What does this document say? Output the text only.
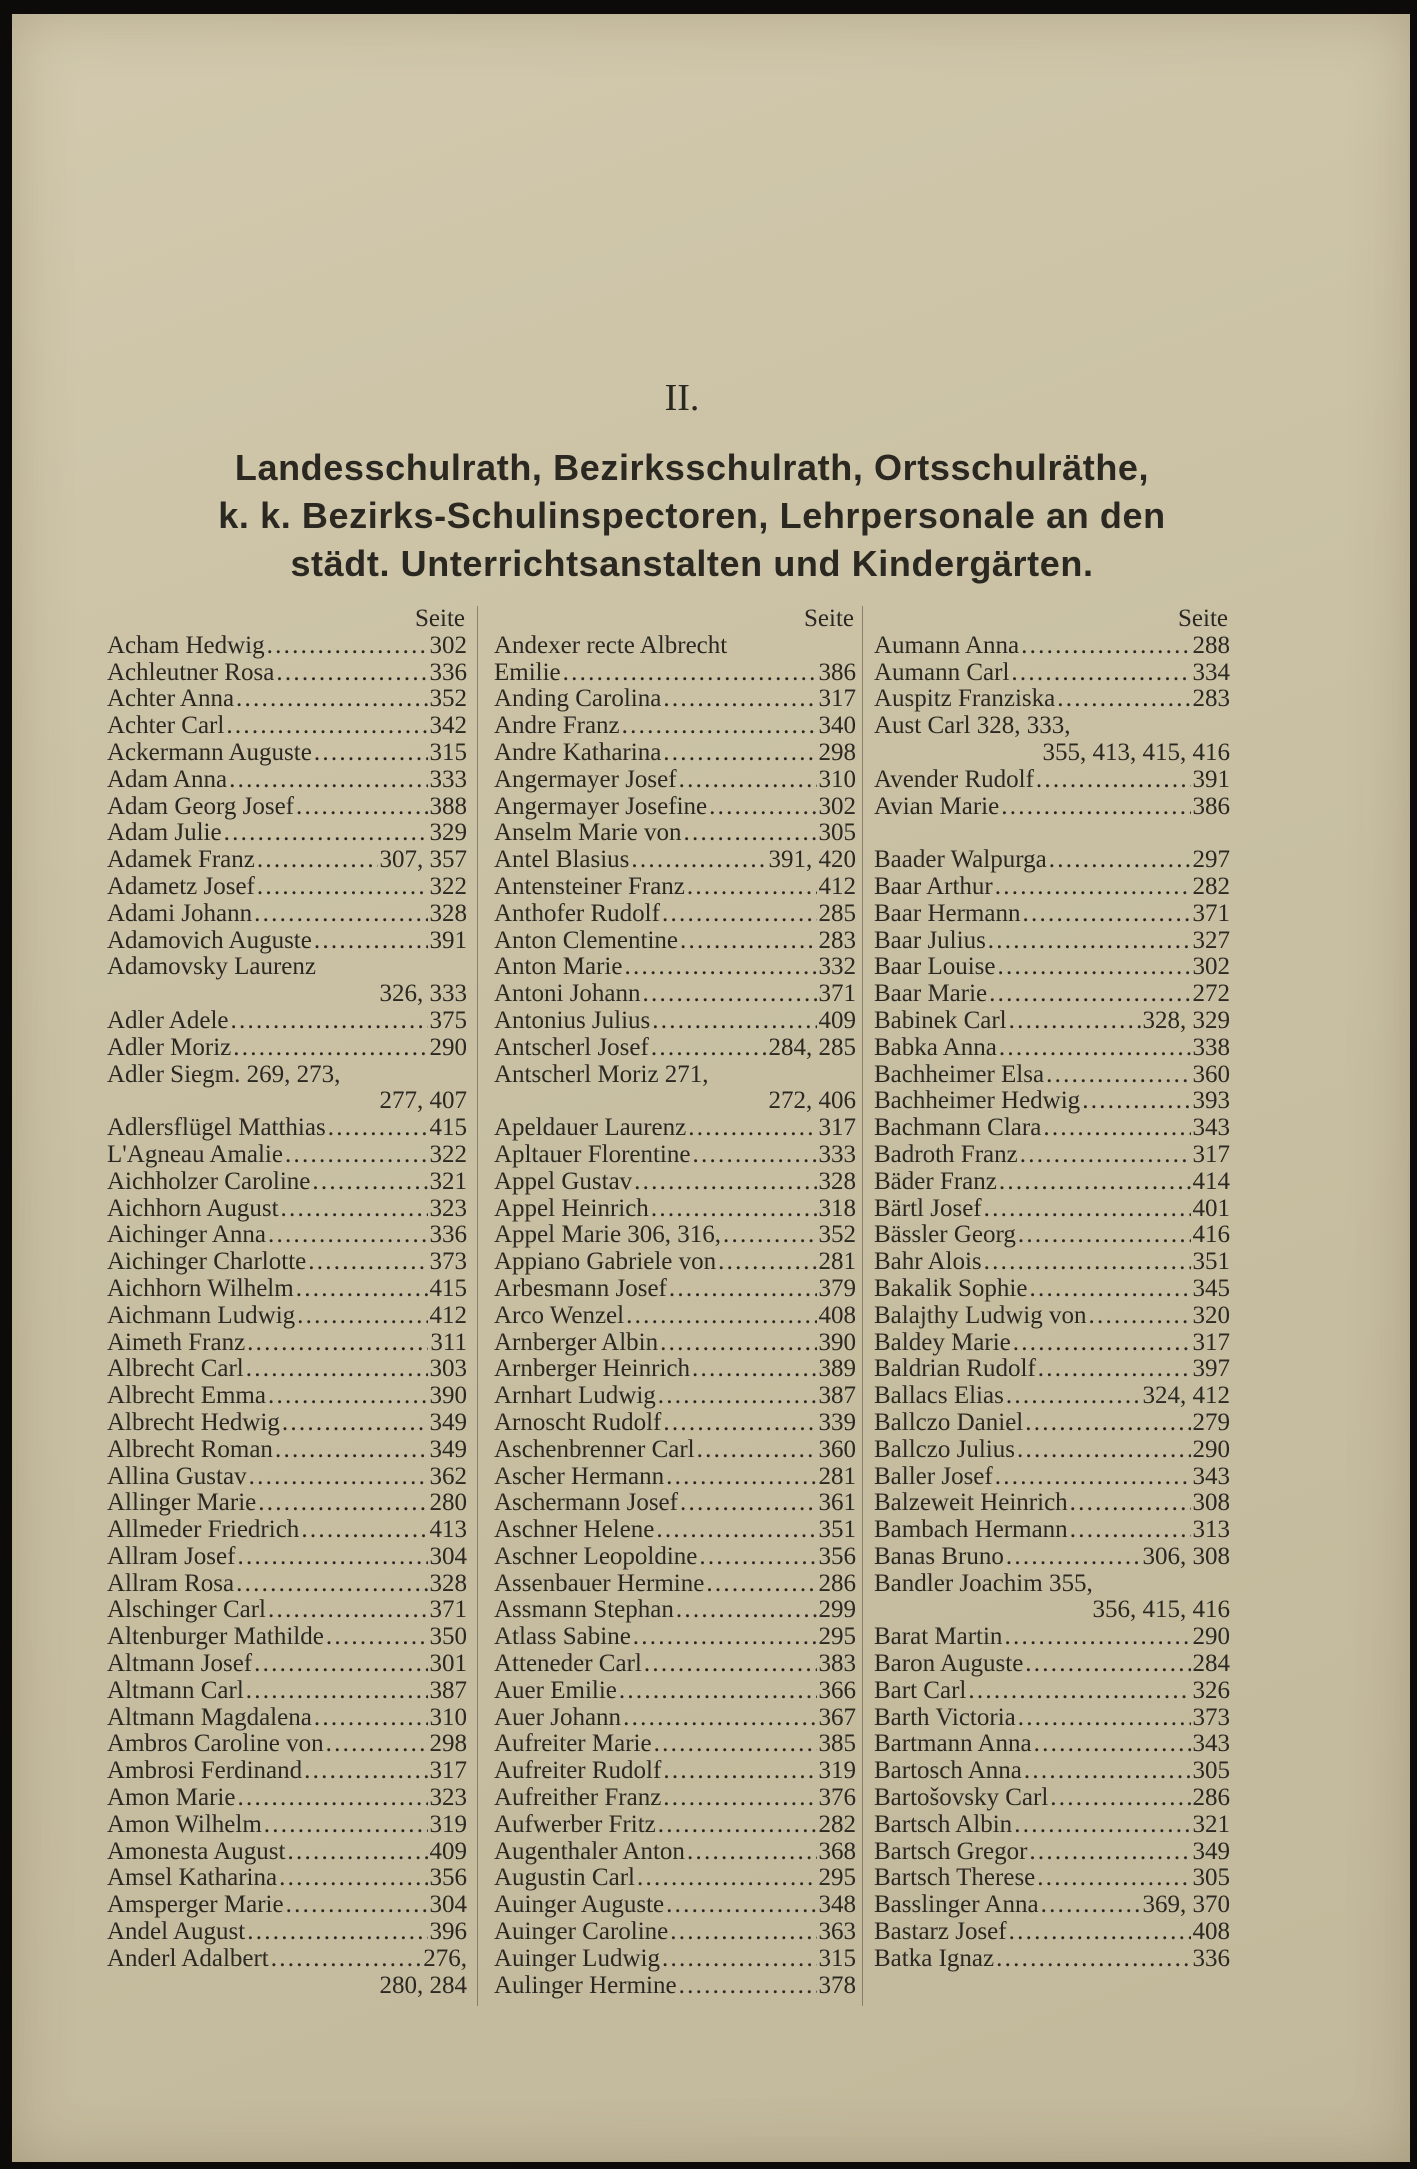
II.
Landesschulrath, Bezirksschulrath, Ortsschulräthe,
k. k. Bezirks-Schulinspectoren, Lehrpersonale an den
städt. Unterrichtsanstalten und Kindergärten.
Seite
Acham Hedwig . . .	302
Achleutner Rosa . . .	336
Achter Anna . . .	352
Achter Carl . . .	342
Ackermann Auguste . . .	315
Adam Anna . . .	333
Adam Georg Josef . . .	388
Adam Julie . . .	329
Adamek Franz . . .	307, 357
Adametz Josef . . .	322
Adami Johann . . .	328
Adamovich Auguste . . .	391
Adamovsky Laurenz
326, 333
Adler Adele . . .	375
Adler Moriz . . .	290
Adler Siegm. 269, 273,
277, 407
Adlersflügel Matthias . . .	415
L'Agneau Amalie . . .	322
Aichholzer Caroline . . .	321
Aichhorn August . . .	323
Aichinger Anna . . .	336
Aichinger Charlotte . . .	373
Aichhorn Wilhelm . . .	415
Aichmann Ludwig . . .	412
Aimeth Franz . . .	311
Albrecht Carl . . .	303
Albrecht Emma . . .	390
Albrecht Hedwig . . .	349
Albrecht Roman . . .	349
Allina Gustav . . .	362
Allinger Marie . . .	280
Allmeder Friedrich . . .	413
Allram Josef . . .	304
Allram Rosa . . .	328
Alschinger Carl . . .	371
Altenburger Mathilde . . .	350
Altmann Josef . . .	301
Altmann Carl . . .	387
Altmann Magdalena . . .	310
Ambros Caroline von . . .	298
Ambrosi Ferdinand . . .	317
Amon Marie . . .	323
Amon Wilhelm . . .	319
Amonesta August . . .	409
Amsel Katharina . . .	356
Amsperger Marie . . .	304
Andel August . . .	396
Anderl Adalbert . . .	276,
280, 284
Seite
Andexer recte Albrecht
Emilie . . .	386
Anding Carolina . . .	317
Andre Franz . . .	340
Andre Katharina . . .	298
Angermayer Josef . . .	310
Angermayer Josefine . . .	302
Anselm Marie von . . .	305
Antel Blasius . . .	391, 420
Antensteiner Franz . . .	412
Anthofer Rudolf . . .	285
Anton Clementine . . .	283
Anton Marie . . .	332
Antoni Johann . . .	371
Antonius Julius . . .	409
Antscherl Josef . . .	284, 285
Antscherl Moriz 271,
272, 406
Apeldauer Laurenz . . .	317
Apltauer Florentine . . .	333
Appel Gustav . . .	328
Appel Heinrich . . .	318
Appel Marie 306, 316, . . .	352
Appiano Gabriele von . . .	281
Arbesmann Josef . . .	379
Arco Wenzel . . .	408
Arnberger Albin . . .	390
Arnberger Heinrich . . .	389
Arnhart Ludwig . . .	387
Arnoscht Rudolf . . .	339
Aschenbrenner Carl . . .	360
Ascher Hermann . . .	281
Aschermann Josef . . .	361
Aschner Helene . . .	351
Aschner Leopoldine . . .	356
Assenbauer Hermine . . .	286
Assmann Stephan . . .	299
Atlass Sabine . . .	295
Atteneder Carl . . .	383
Auer Emilie . . .	366
Auer Johann . . .	367
Aufreiter Marie . . .	385
Aufreiter Rudolf . . .	319
Aufreither Franz . . .	376
Aufwerber Fritz . . .	282
Augenthaler Anton . . .	368
Augustin Carl . . .	295
Auinger Auguste . . .	348
Auinger Caroline . . .	363
Auinger Ludwig . . .	315
Aulinger Hermine . . .	378
Seite
Aumann Anna . . .	288
Aumann Carl . . .	334
Auspitz Franziska . . .	283
Aust Carl 328, 333,
355, 413, 415, 416
Avender Rudolf . . .	391
Avian Marie . . .	386
Baader Walpurga . . .	297
Baar Arthur . . .	282
Baar Hermann . . .	371
Baar Julius . . .	327
Baar Louise . . .	302
Baar Marie . . .	272
Babinek Carl . . .	328, 329
Babka Anna . . .	338
Bachheimer Elsa . . .	360
Bachheimer Hedwig . . .	393
Bachmann Clara . . .	343
Badroth Franz . . .	317
Bäder Franz . . .	414
Bärtl Josef . . .	401
Bässler Georg . . .	416
Bahr Alois . . .	351
Bakalik Sophie . . .	345
Balajthy Ludwig von . . .	320
Baldey Marie . . .	317
Baldrian Rudolf . . .	397
Ballacs Elias . . .	324, 412
Ballczo Daniel . . .	279
Ballczo Julius . . .	290
Baller Josef . . .	343
Balzeweit Heinrich . . .	308
Bambach Hermann . . .	313
Banas Bruno . . .	306, 308
Bandler Joachim 355,
356, 415, 416
Barat Martin . . .	290
Baron Auguste . . .	284
Bart Carl . . .	326
Barth Victoria . . .	373
Bartmann Anna . . .	343
Bartosch Anna . . .	305
Bartošovsky Carl . . .	286
Bartsch Albin . . .	321
Bartsch Gregor . . .	349
Bartsch Therese . . .	305
Basslinger Anna . . .	369, 370
Bastarz Josef . . .	408
Batka Ignaz . . .	336
